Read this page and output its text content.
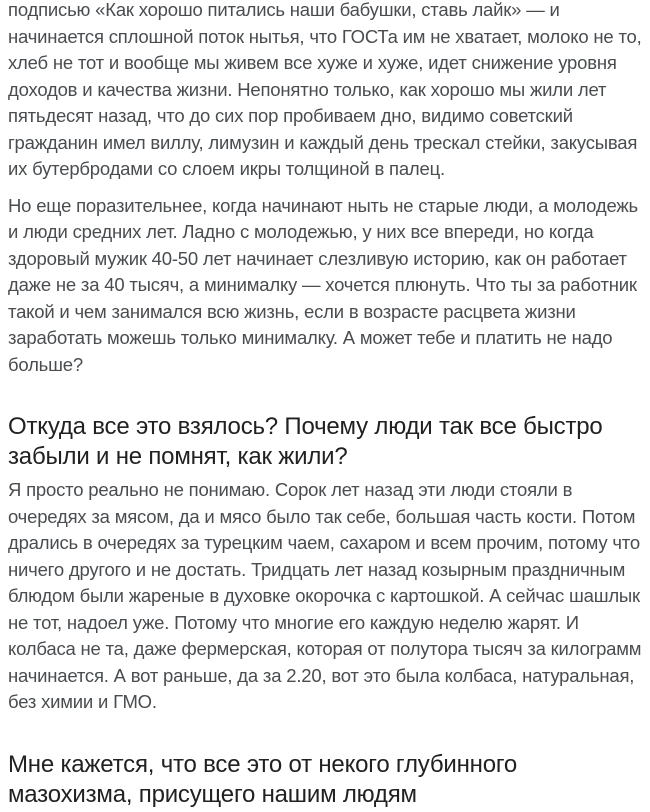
подписью «Как хорошо питались наши бабушки, ставь лайк» — и начинается сплошной поток нытья, что ГОСТа им не хватает, молоко не то, хлеб не тот и вообще мы живем все хуже и хуже, идет снижение уровня доходов и качества жизни. Непонятно только, как хорошо мы жили лет пятьдесят назад, что до сих пор пробиваем дно, видимо советский гражданин имел виллу, лимузин и каждый день трескал стейки, закусывая их бутербродами со слоем икры толщиной в палец.

Но еще поразительнее, когда начинают ныть не старые люди, а молодежь и люди средних лет. Ладно с молодежью, у них все впереди, но когда здоровый мужик 40-50 лет начинает слезливую историю, как он работает даже не за 40 тысяч, а минималку — хочется плюнуть. Что ты за работник такой и чем занимался всю жизнь, если в возрасте расцвета жизни заработать можешь только минималку. А может тебе и платить не надо больше?

Откуда все это взялось? Почему люди так все быстро забыли и не помнят, как жили?

Я просто реально не понимаю. Сорок лет назад эти люди стояли в очередях за мясом, да и мясо было так себе, большая часть кости. Потом дрались в очередях за турецким чаем, сахаром и всем прочим, потому что ничего другого и не достать. Тридцать лет назад козырным праздничным блюдом были жареные в духовке окорочка с картошкой. А сейчас шашлык не тот, надоел уже. Потому что многие его каждую неделю жарят. И колбаса не та, даже фермерская, которая от полутора тысяч за килограмм начинается. А вот раньше, да за 2.20, вот это была колбаса, натуральная, без химии и ГМО.

Мне кажется, что все это от некого глубинного мазохизма, присущего нашим людям
